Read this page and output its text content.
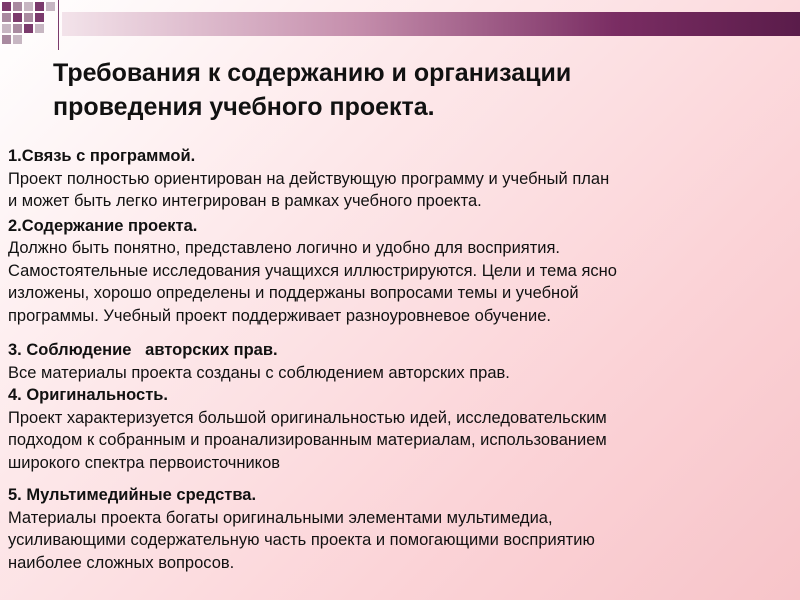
Требования к содержанию и организации
проведения учебного проекта.
1.Связь с программой.
Проект полностью ориентирован на действующую программу и учебный план
и может быть легко интегрирован в рамках учебного проекта.
2.Содержание проекта.
Должно быть понятно, представлено логично и удобно для восприятия.
Самостоятельные исследования учащихся иллюстрируются. Цели и тема ясно
изложены, хорошо определены и поддержаны вопросами темы и учебной
программы. Учебный проект поддерживает разноуровневое обучение.
3. Соблюдение   авторских прав.
Все материалы проекта созданы с соблюдением авторских прав.
4. Оригинальность.
Проект характеризуется большой оригинальностью идей, исследовательским
подходом к собранным и проанализированным материалам, использованием
широкого спектра первоисточников
5. Мультимедийные средства.
Материалы проекта богаты оригинальными элементами мультимедиа,
усиливающими содержательную часть проекта и помогающими восприятию
наиболее сложных вопросов.
